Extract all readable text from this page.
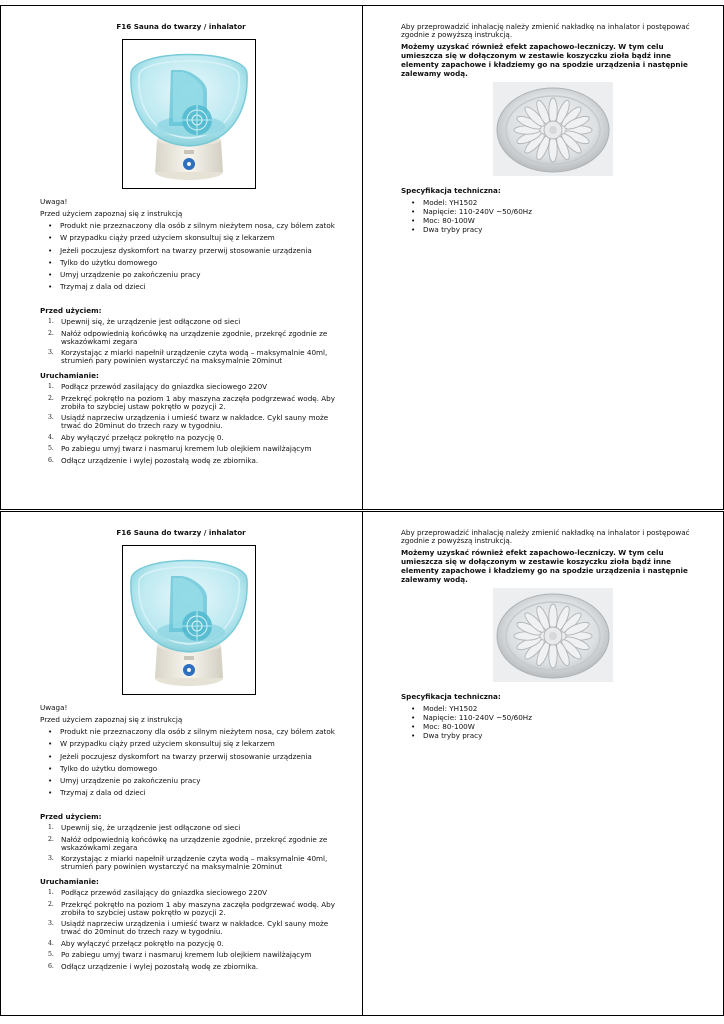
F16 Sauna do twarzy / inhalator
Uwaga!
Przed użyciem zapoznaj się z instrukcją
• Produkt nie przeznaczony dla osób z silnym nieżytem nosa, czy bólem zatok
• W przypadku ciąży przed użyciem skonsultuj się z lekarzem
• Jeżeli poczujesz dyskomfort na twarzy przerwij stosowanie urządzenia
• Tylko do użytku domowego
• Umyj urządzenie po zakończeniu pracy
• Trzymaj z dala od dzieci
Przed użyciem:
1. Upewnij się, że urządzenie jest odłączone od sieci
2. Nałóż odpowiednią końcówkę na urządzenie zgodnie, przekręć zgodnie ze wskazówkami zegara
3. Korzystając z miarki napełnił urządzenie czyta wodą – maksymalnie 40ml, strumień pary powinien wystarczyć na maksymalnie 20minut
Uruchamianie:
1. Podłącz przewód zasilający do gniazdka sieciowego 220V
2. Przekręć pokrętło na poziom 1 aby maszyna zaczęła podgrzewać wodę. Aby zrobiła to szybciej ustaw pokrętło w pozycji 2.
3. Usiądź naprzeciw urządzenia i umieść twarz w nakładce. Cykl sauny może trwać do 20minut do trzech razy w tygodniu.
4. Aby wyłączyć przełącz pokrętło na pozycję 0.
5. Po zabiegu umyj twarz i nasmaruj kremem lub olejkiem nawilżającym
6. Odłącz urządzenie i wylej pozostałą wodę ze zbiornika.
Aby przeprowadzić inhalację należy zmienić nakładkę na inhalator i postępować zgodnie z powyższą instrukcją.
Możemy uzyskać również efekt zapachowo-leczniczy. W tym celu umieszcza się w dołączonym w zestawie koszyczku zioła bądź inne elementy zapachowe i kładziemy go na spodzie urządzenia i następnie zalewamy wodą.
Specyfikacja techniczna:
• Model: YH1502
• Napięcie: 110-240V ~50/60Hz
• Moc: 80-100W
• Dwa tryby pracy
F16 Sauna do twarzy / inhalator
Uwaga!
Przed użyciem zapoznaj się z instrukcją
• Produkt nie przeznaczony dla osób z silnym nieżytem nosa, czy bólem zatok
• W przypadku ciąży przed użyciem skonsultuj się z lekarzem
• Jeżeli poczujesz dyskomfort na twarzy przerwij stosowanie urządzenia
• Tylko do użytku domowego
• Umyj urządzenie po zakończeniu pracy
• Trzymaj z dala od dzieci
Przed użyciem:
1. Upewnij się, że urządzenie jest odłączone od sieci
2. Nałóż odpowiednią końcówkę na urządzenie zgodnie, przekręć zgodnie ze wskazówkami zegara
3. Korzystając z miarki napełnił urządzenie czyta wodą – maksymalnie 40ml, strumień pary powinien wystarczyć na maksymalnie 20minut
Uruchamianie:
1. Podłącz przewód zasilający do gniazdka sieciowego 220V
2. Przekręć pokrętło na poziom 1 aby maszyna zaczęła podgrzewać wodę. Aby zrobiła to szybciej ustaw pokrętło w pozycji 2.
3. Usiądź naprzeciw urządzenia i umieść twarz w nakładce. Cykl sauny może trwać do 20minut do trzech razy w tygodniu.
4. Aby wyłączyć przełącz pokrętło na pozycję 0.
5. Po zabiegu umyj twarz i nasmaruj kremem lub olejkiem nawilżającym
6. Odłącz urządzenie i wylej pozostałą wodę ze zbiornika.
Aby przeprowadzić inhalację należy zmienić nakładkę na inhalator i postępować zgodnie z powyższą instrukcją.
Możemy uzyskać również efekt zapachowo-leczniczy. W tym celu umieszcza się w dołączonym w zestawie koszyczku zioła bądź inne elementy zapachowe i kładziemy go na spodzie urządzenia i następnie zalewamy wodą.
Specyfikacja techniczna:
• Model: YH1502
• Napięcie: 110-240V ~50/60Hz
• Moc: 80-100W
• Dwa tryby pracy
